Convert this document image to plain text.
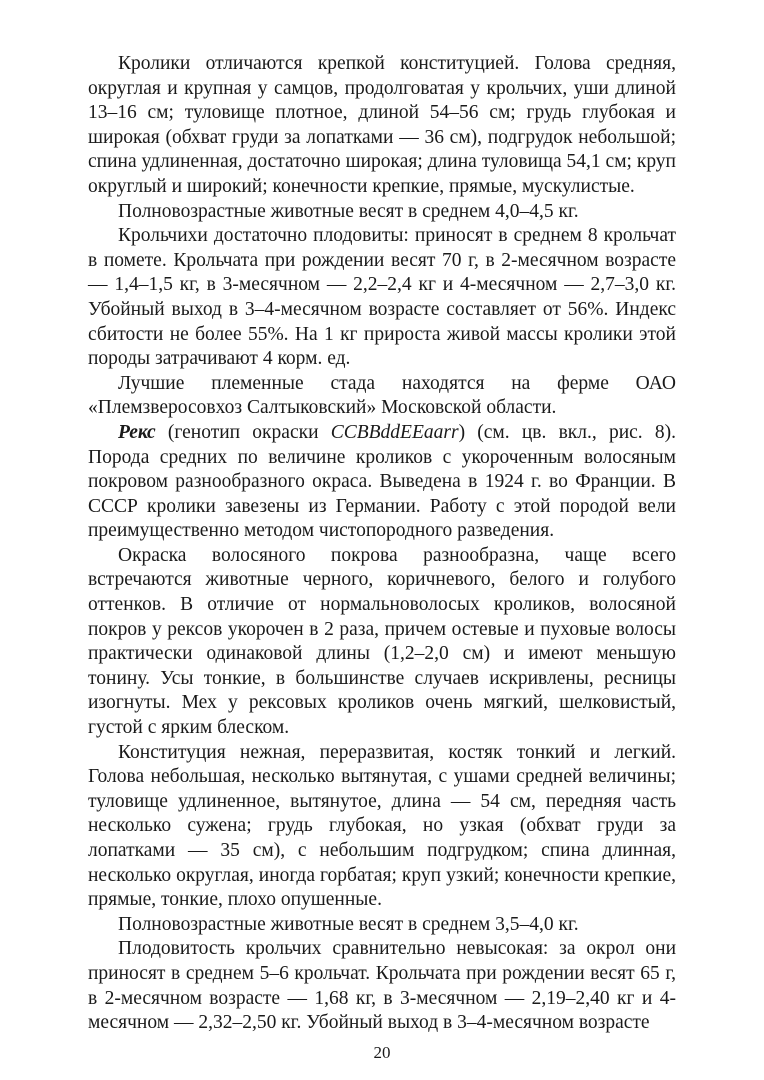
Кролики отличаются крепкой конституцией. Голова средняя, округлая и крупная у самцов, продолговатая у крольчих, уши длиной 13–16 см; туловище плотное, длиной 54–56 см; грудь глубокая и широкая (обхват груди за лопатками — 36 см), подгрудок небольшой; спина удлиненная, достаточно широкая; длина туловища 54,1 см; круп округлый и широкий; конечности крепкие, прямые, мускулистые.

Полновозрастные животные весят в среднем 4,0–4,5 кг.

Крольчихи достаточно плодовиты: приносят в среднем 8 крольчат в помете. Крольчата при рождении весят 70 г, в 2-месячном возрасте — 1,4–1,5 кг, в 3-месячном — 2,2–2,4 кг и 4-месячном — 2,7–3,0 кг. Убойный выход в 3–4-месячном возрасте составляет от 56%. Индекс сбитости не более 55%. На 1 кг прироста живой массы кролики этой породы затрачивают 4 корм. ед.

Лучшие племенные стада находятся на ферме ОАО «Племзверосовхоз Салтыковский» Московской области.

Рекс (генотип окраски CCBBddEEaarr) (см. цв. вкл., рис. 8). Порода средних по величине кроликов с укороченным волосяным покровом разнообразного окраса. Выведена в 1924 г. во Франции. В СССР кролики завезены из Германии. Работу с этой породой вели преимущественно методом чистопородного разведения.

Окраска волосяного покрова разнообразна, чаще всего встречаются животные черного, коричневого, белого и голубого оттенков. В отличие от нормальноволосых кроликов, волосяной покров у рексов укорочен в 2 раза, причем остевые и пуховые волосы практически одинаковой длины (1,2–2,0 см) и имеют меньшую тонину. Усы тонкие, в большинстве случаев искривлены, ресницы изогнуты. Мех у рексовых кроликов очень мягкий, шелковистый, густой с ярким блеском.

Конституция нежная, переразвитая, костяк тонкий и легкий. Голова небольшая, несколько вытянутая, с ушами средней величины; туловище удлиненное, вытянутое, длина — 54 см, передняя часть несколько сужена; грудь глубокая, но узкая (обхват груди за лопатками — 35 см), с небольшим подгрудком; спина длинная, несколько округлая, иногда горбатая; круп узкий; конечности крепкие, прямые, тонкие, плохо опушенные.

Полновозрастные животные весят в среднем 3,5–4,0 кг.

Плодовитость крольчих сравнительно невысокая: за окрол они приносят в среднем 5–6 крольчат. Крольчата при рождении весят 65 г, в 2-месячном возрасте — 1,68 кг, в 3-месячном — 2,19–2,40 кг и 4-месячном — 2,32–2,50 кг. Убойный выход в 3–4-месячном возрасте

20
